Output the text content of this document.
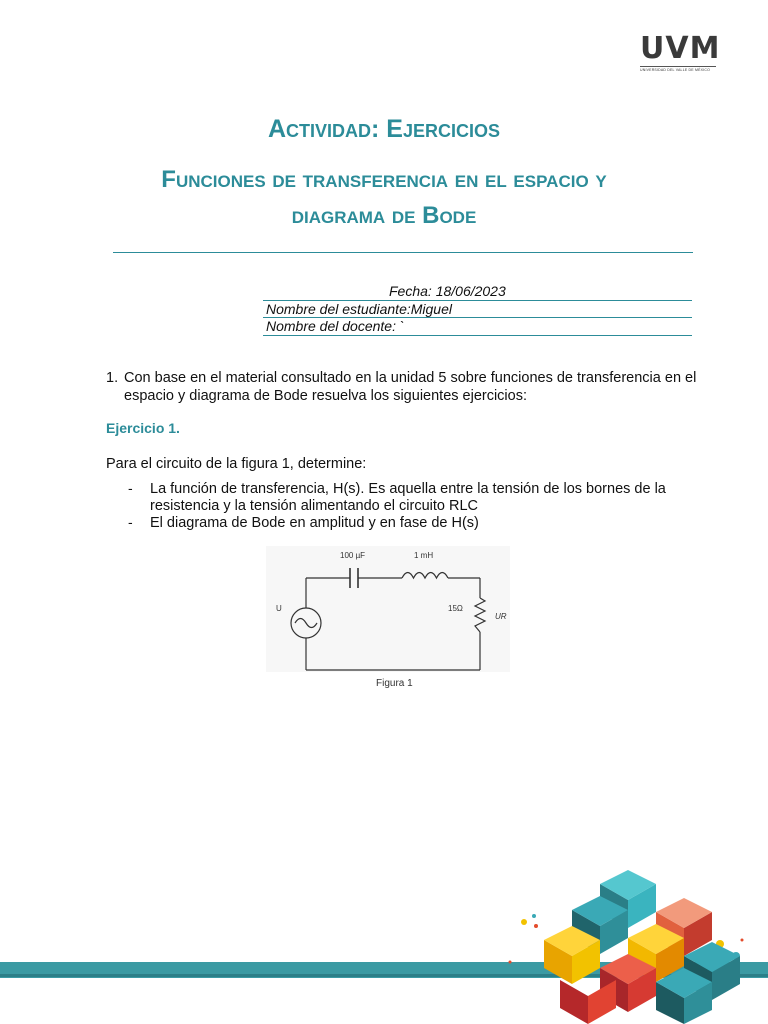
UVM
UNIVERSIDAD DEL VALLE DE MÉXICO
Actividad: Ejercicios
Funciones de transferencia en el espacio y
diagrama de Bode
Fecha: 18/06/2023
Nombre del estudiante:Miguel
Nombre del docente: `
1. Con base en el material consultado en la unidad 5 sobre funciones de transferencia en el
espacio y diagrama de Bode resuelva los siguientes ejercicios:
Ejercicio 1.
Para el circuito de la figura 1, determine:
- La función de transferencia, H(s). Es aquella entre la tensión de los bornes de la
resistencia y la tensión alimentando el circuito RLC
- El diagrama de Bode en amplitud y en fase de H(s)
100 µF	1 mH
15Ω
U
UR
Figura 1
